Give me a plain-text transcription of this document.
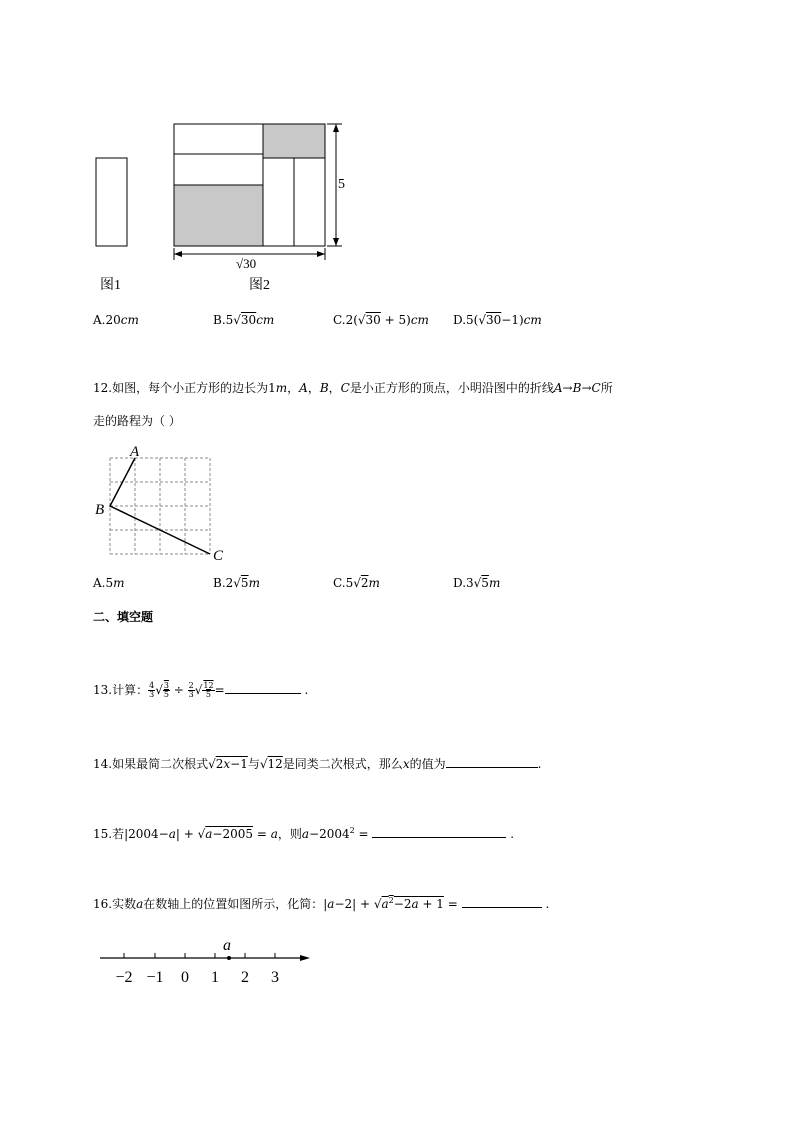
5
√30
图1	图2
A.20cm	B.5√30cm	C.2(√30 + 5)cm D.5(√30−1)cm
12.如图，每个小正方形的边长为1m，A，B，C是小正方形的顶点，小明沿图中的折线A→B→C所
走的路程为（ ）
A
B
C
A.5m	B.2√5m	C.5√2m	D.3√5m
二、填空题
13.计算： $\frac{4}{3}$ √ $\frac{3}{5} \div \frac{2}{3}$ √ $\frac{12}{5}$ =	.
14.如果最简二次根式√2x−1与√12是同类二次根式，那么x的值为	.
15.若|2004−a| + √a−2005 = a，则$a-2004^2$ =	.
16.实数a在数轴上的位置如图所示，化简：$|a-2| + √a^2-2a + 1$ =	.
a
−2 −1 0 1 2 3
